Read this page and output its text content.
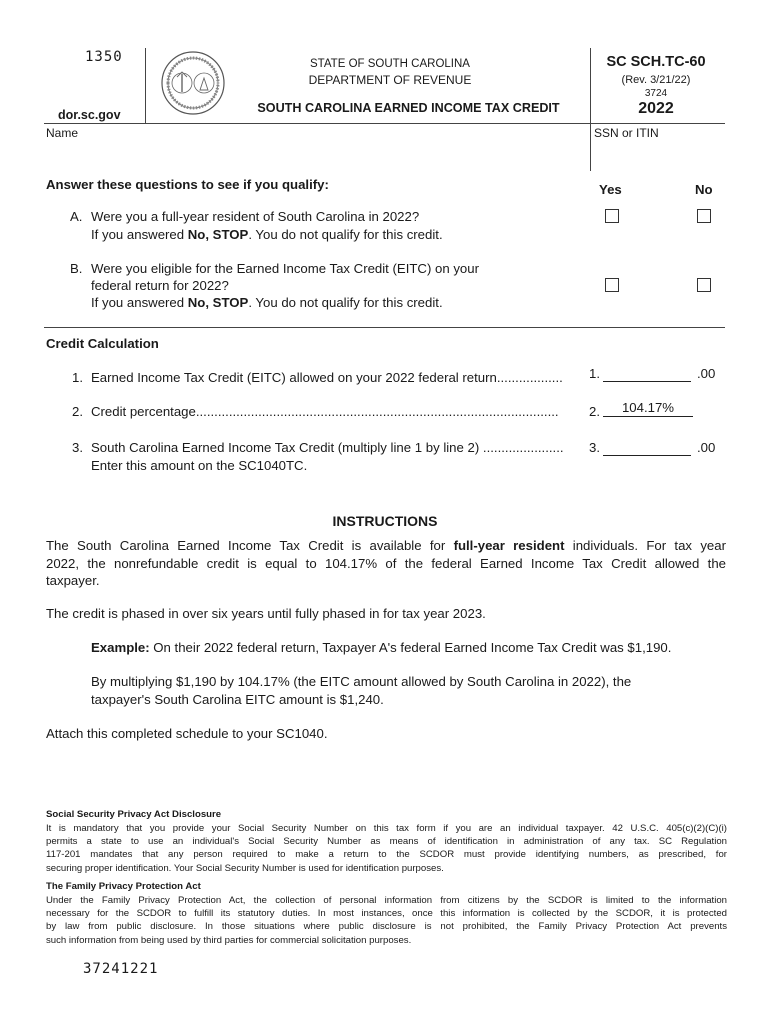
1350
dor.sc.gov
STATE OF SOUTH CAROLINA
DEPARTMENT OF REVENUE
SOUTH CAROLINA EARNED INCOME TAX CREDIT
SC SCH.TC-60
(Rev. 3/21/22)
3724
2022
Name	SSN or ITIN
Answer these questions to see if you qualify:	Yes	No
A. Were you a full-year resident of South Carolina in 2022?
If you answered No, STOP. You do not qualify for this credit.
B. Were you eligible for the Earned Income Tax Credit (EITC) on your
federal return for 2022?
If you answered No, STOP. You do not qualify for this credit.
Credit Calculation
1. Earned Income Tax Credit (EITC) allowed on your 2022 federal return..................	1.	.00
2. Credit percentage...................................................................................................	2.	104.17%
3. South Carolina Earned Income Tax Credit (multiply line 1 by line 2) ......................
Enter this amount on the SC1040TC.
3.	.00
INSTRUCTIONS
The South Carolina Earned Income Tax Credit is available for full-year resident individuals. For tax year
2022, the nonrefundable credit is equal to 104.17% of the federal Earned Income Tax Credit allowed the
taxpayer.
The credit is phased in over six years until fully phased in for tax year 2023.
Example: On their 2022 federal return, Taxpayer A's federal Earned Income Tax Credit was $1,190.
By multiplying $1,190 by 104.17% (the EITC amount allowed by South Carolina in 2022), the
taxpayer's South Carolina EITC amount is $1,240.
Attach this completed schedule to your SC1040.
Social Security Privacy Act Disclosure
It is mandatory that you provide your Social Security Number on this tax form if you are an individual taxpayer. 42 U.S.C. 405(c)(2)(C)(i)
permits a state to use an individual's Social Security Number as means of identification in administration of any tax. SC Regulation
117-201 mandates that any person required to make a return to the SCDOR must provide identifying numbers, as prescribed, for
securing proper identification. Your Social Security Number is used for identification purposes.
The Family Privacy Protection Act
Under the Family Privacy Protection Act, the collection of personal information from citizens by the SCDOR is limited to the information
necessary for the SCDOR to fulfill its statutory duties. In most instances, once this information is collected by the SCDOR, it is protected
by law from public disclosure. In those situations where public disclosure is not prohibited, the Family Privacy Protection Act prevents
such information from being used by third parties for commercial solicitation purposes.
37241221
